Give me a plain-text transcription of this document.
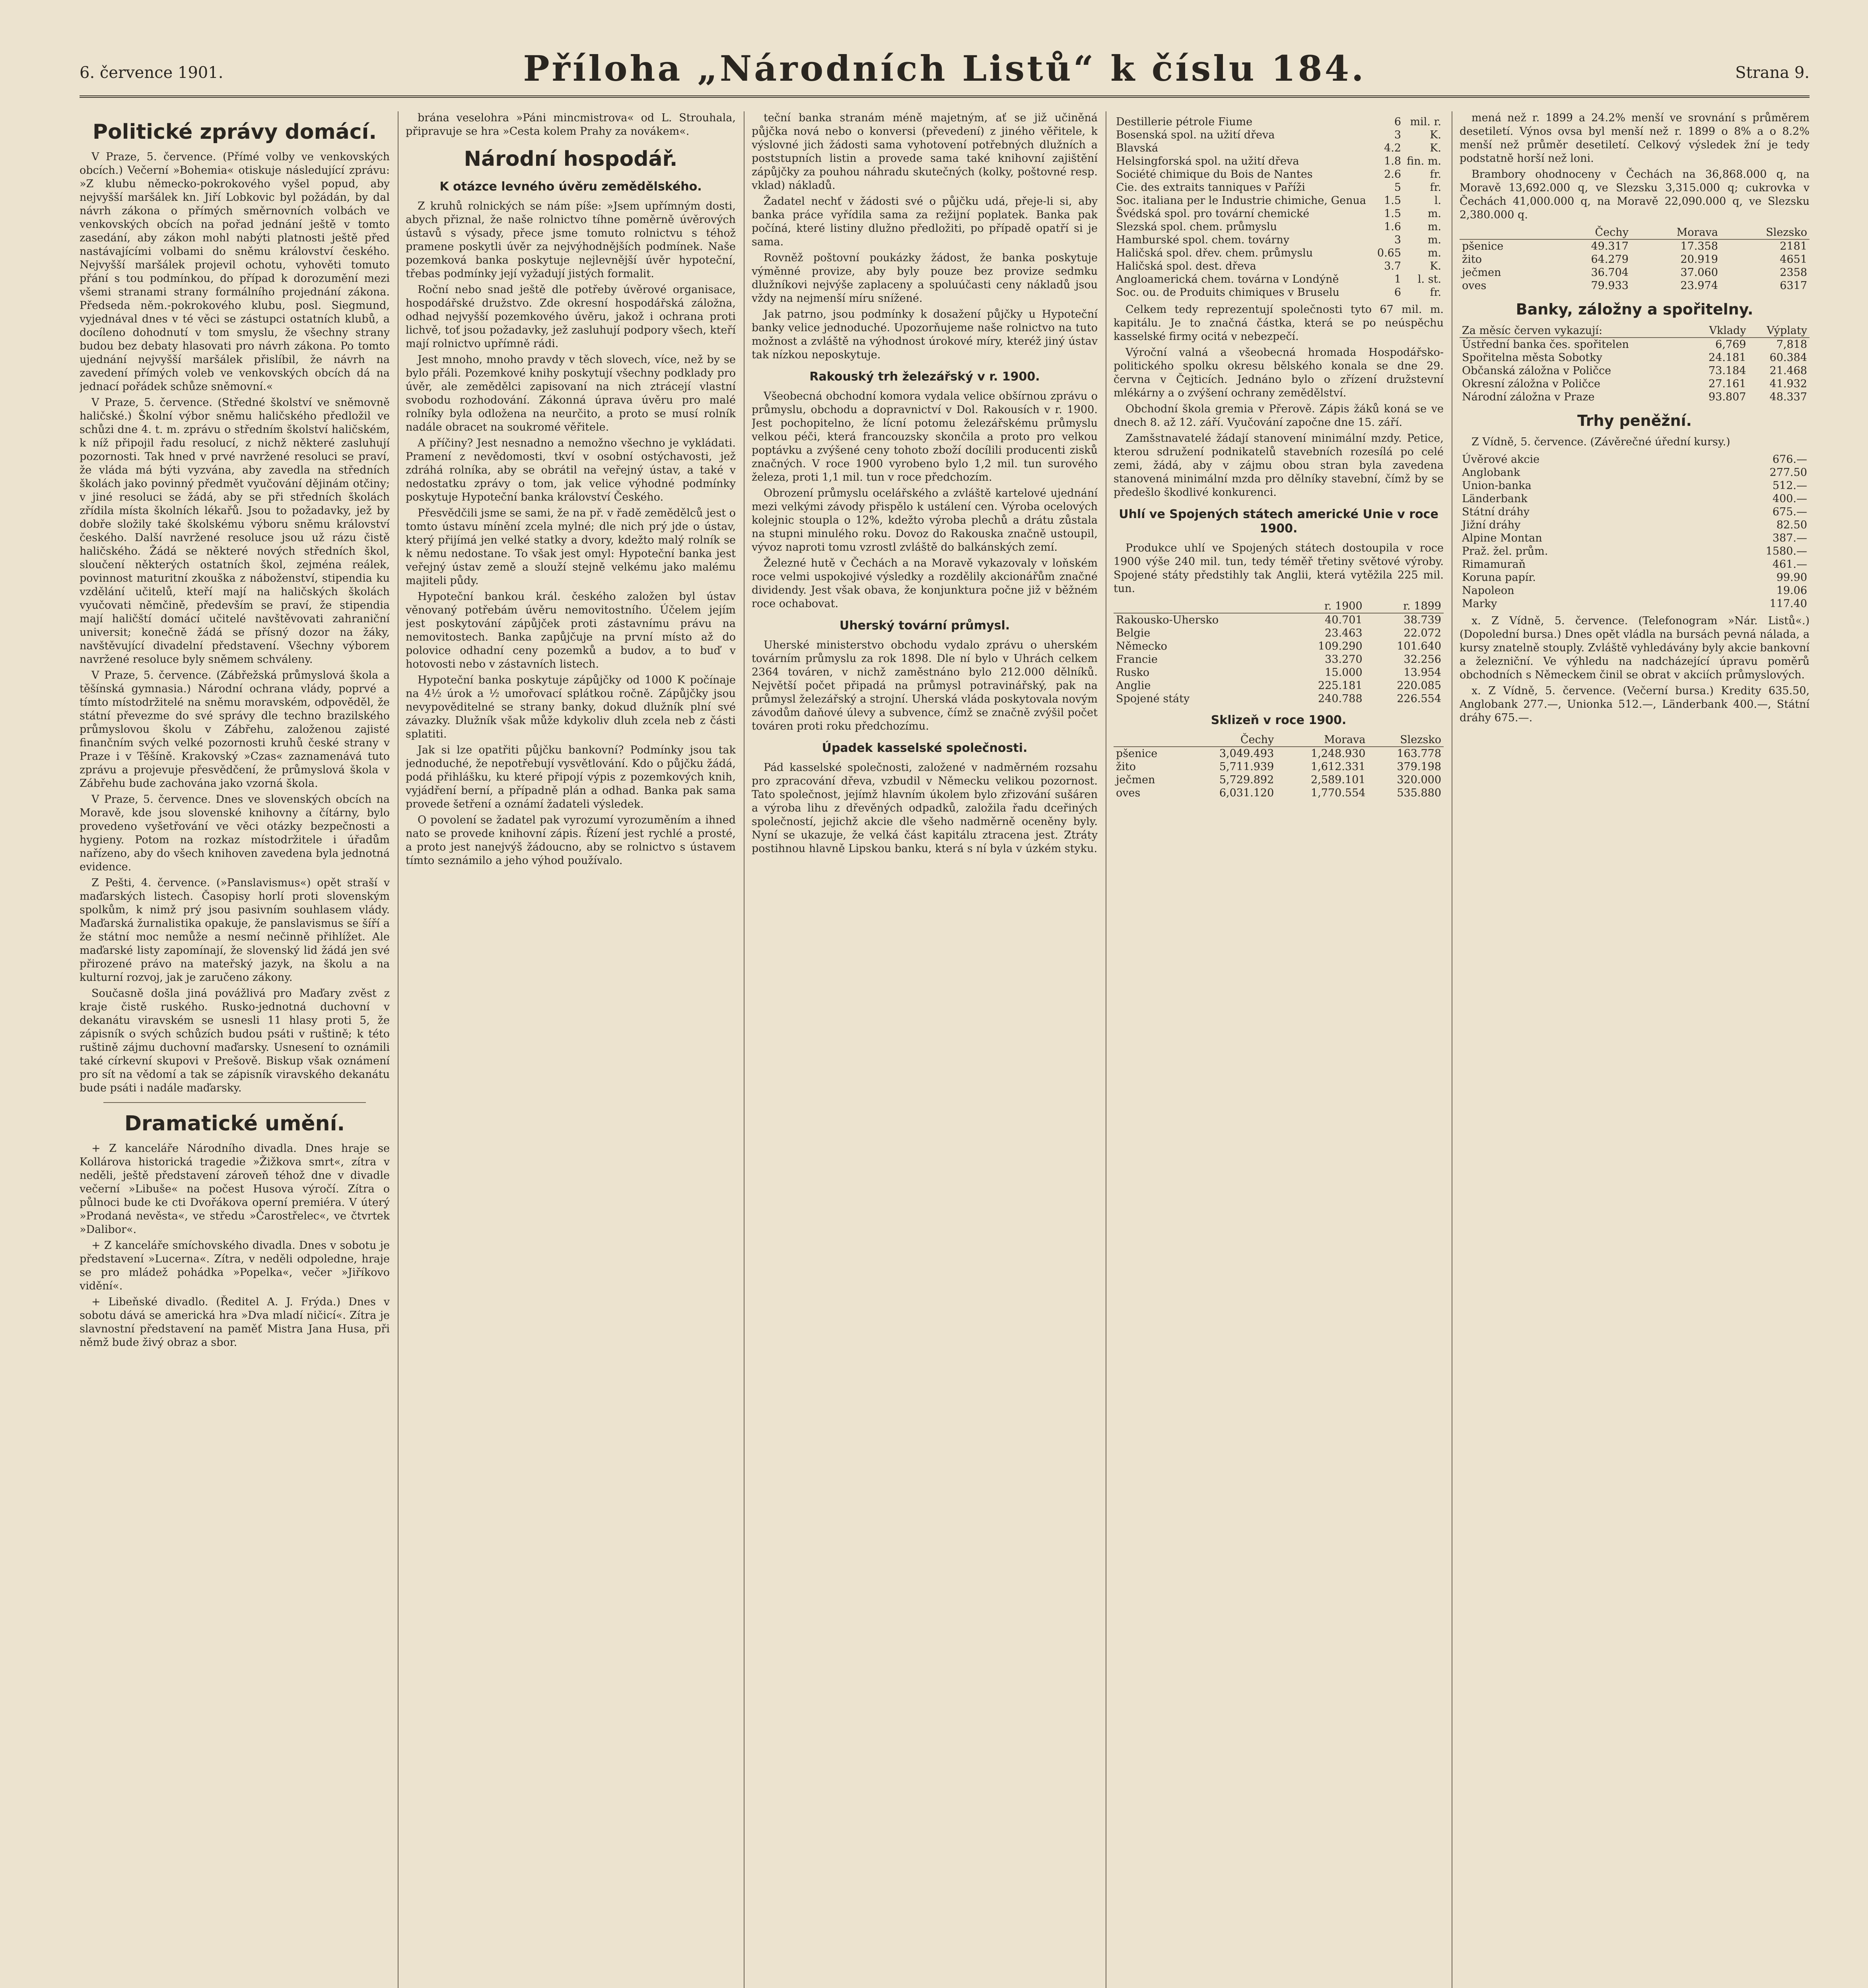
6. července 1901.	Příloha „Národních Listů“ k číslu 184.	Strana 9.
Politické zprávy domácí.

V Praze, 5. července. (Přímé volby ve venkovských obcích.) Večerní »Bohemia« otiskuje následující zprávu: »Z klubu německo-pokrokového vyšel popud, aby nejvyšší maršálek kn. Jiří Lobkovic byl požádán, by dal návrh zákona o přímých směrnovních volbách ve venkovských obcích na pořad jednání ještě v tomto zasedání, aby zákon mohl nabýti platnosti ještě před nastávajícími volbami do sněmu království českého. Nejvyšší maršálek projevil ochotu, vyhověti tomuto přání s tou podmínkou, do případ k dorozumění mezi všemi stranami strany formálního projednání zákona. Předseda něm.-pokrokového klubu, posl. Siegmund, vyjednával dnes v té věci se zástupci ostatních klubů, a docíleno dohodnutí v tom smyslu, že všechny strany budou bez debaty hlasovati pro návrh zákona. Po tomto ujednání nejvyšší maršálek přislíbil, že návrh na zavedení přímých voleb ve venkovských obcích dá na jednací pořádek schůze sněmovní.«

V Praze, 5. července. (Středné školství ve sněmovně haličské.) Školní výbor sněmu haličského předložil ve schůzi dne 4. t. m. zprávu o středním školství haličském, k níž připojil řadu resolucí, z nichž některé zasluhují pozornosti. Tak hned v prvé navržené resoluci se praví, že vláda má býti vyzvána, aby zavedla na středních školách jako povinný předmět vyučování dějinám otčiny; v jiné resoluci se žádá, aby se při středních školách zřídila místa školních lékařů. Jsou to požadavky, jež by dobře složily také školskému výboru sněmu království českého. Další navržené resoluce jsou už rázu čistě haličského. Žádá se některé nových středních škol, sloučení některých ostatních škol, zejména reálek, povinnost maturitní zkouška z náboženství, stipendia ku vzdělání učitelů, kteří mají na haličských školách vyučovati němčině, především se praví, že stipendia mají haličští domácí učitelé navštěvovati zahraniční universit; konečně žádá se přísný dozor na žáky, navštěvující divadelní představení. Všechny výborem navržené resoluce byly sněmem schváleny.

V Praze, 5. července. (Zábřežská průmyslová škola a těšínská gymnasia.) Národní ochrana vlády, poprvé a tímto místodržitelé na sněmu moravském, odpověděl, že státní převezme do své správy dle techno brazilského průmyslovou školu v Zábřehu, založenou zajisté finančním svých velké pozornosti kruhů české strany v Praze i v Těšíně. Krakovský »Czas« zaznamenává tuto zprávu a projevuje přesvědčení, že průmyslová škola v Zábřehu bude zachována jako vzorná škola.

V Praze, 5. července. Dnes ve slovenských obcích na Moravě, kde jsou slovenské knihovny a čítárny, bylo provedeno vyšetřování ve věci otázky bezpečnosti a hygieny. Potom na rozkaz místodržitele i úřadům nařízeno, aby do všech knihoven zavedena byla jednotná evidence.

Z Pešti, 4. července. (»Panslavismus«) opět straší v maďarských listech. Časopisy horlí proti slovenským spolkům, k nimž prý jsou pasivním souhlasem vlády. Maďarská žurnalistika opakuje, že panslavismus se šíří a že státní moc nemůže a nesmí nečinně přihlížet. Ale maďarské listy zapomínají, že slovenský lid žádá jen své přirozené právo na mateřský jazyk, na školu a na kulturní rozvoj, jak je zaručeno zákony.

Současně došla jiná povážlivá pro Maďary zvěst z kraje čistě ruského. Rusko-jednotná duchovní v dekanátu viravském se usnesli 11 hlasy proti 5, že zápisník o svých schůzích budou psáti v ruštině; k této ruštině zájmu duchovní maďarsky. Usnesení to oznámili také církevní skupovi v Prešově. Biskup však oznámení pro sít na vědomí a tak se zápisník viravského dekanátu bude psáti i nadále maďarsky.

Dramatické umění.

+ Z kanceláře Národního divadla. Dnes hraje se Kollárova historická tragedie »Žižkova smrt«, zítra v neděli, ještě představení zároveň téhož dne v divadle večerní »Libuše« na počest Husova výročí. Zítra o půlnoci bude ke cti Dvořákova operní premiéra. V úterý »Prodaná nevěsta«, ve středu »Čarostřelec«, ve čtvrtek »Dalibor«.

+ Z kanceláře smíchovského divadla. Dnes v sobotu je představení »Lucerna«. Zítra, v neděli odpoledne, hraje se pro mládež pohádka »Popelka«, večer »Jiříkovo vidění«.

+ Libeňské divadlo. (Ředitel A. J. Frýda.) Dnes v sobotu dává se americká hra »Dva mladí ničicí«. Zítra je slavnostní představení na paměť Mistra Jana Husa, při němž bude živý obraz a sbor.

brána veselohra »Páni mincmistrova« od L. Strouhala, připravuje se hra »Cesta kolem Prahy za novákem«.

Národní hospodář.
K otázce levného úvěru zemědělského.

Z kruhů rolnických se nám píše: »Jsem upřímným dosti, abych přiznal, že naše rolnictvo tíhne poměrně úvěrových ústavů s výsady, přece jsme tomuto rolnictvu s téhož pramene poskytli úvěr za nejvýhodnějších podmínek. Naše pozemková banka poskytuje nejlevnější úvěr hypoteční, třebas podmínky její vyžadují jistých formalit.

Roční nebo snad ještě dle potřeby úvěrové organisace, hospodářské družstvo. Zde okresní hospodářská záložna, odhad nejvyšší pozemkového úvěru, jakož i ochrana proti lichvě, toť jsou požadavky, jež zasluhují podpory všech, kteří mají rolnictvo upřímně rádi.

Jest mnoho, mnoho pravdy v těch slovech, více, než by se bylo přáli. Pozemkové knihy poskytují všechny podklady pro úvěr, ale zemědělci zapisovaní na nich ztrácejí vlastní svobodu rozhodování. Zákonná úprava úvěru pro malé rolníky byla odložena na neurčito, a proto se musí rolník nadále obracet na soukromé věřitele.

A příčiny? Jest nesnadno a nemožno všechno je vykládati. Pramení z nevědomosti, tkví v osobní ostýchavosti, jež zdráhá rolníka, aby se obrátil na veřejný ústav, a také v nedostatku zprávy o tom, jak velice výhodné podmínky poskytuje Hypoteční banka království Českého.

Přesvědčili jsme se sami, že na př. v řadě zemědělců jest o tomto ústavu mínění zcela mylné; dle nich prý jde o ústav, který přijímá jen velké statky a dvory, kdežto malý rolník se k němu nedostane. To však jest omyl: Hypoteční banka jest veřejný ústav země a slouží stejně velkému jako malému majiteli půdy.

Hypoteční bankou král. českého založen byl ústav věnovaný potřebám úvěru nemovitostního. Účelem jejím jest poskytování zápůjček proti zástavnímu právu na nemovitostech. Banka zapůjčuje na první místo až do polovice odhadní ceny pozemků a budov, a to buď v hotovosti nebo v zástavních listech.

Hypoteční banka poskytuje zápůjčky od 1000 K počínaje na 4½ úrok a ½ umořovací splátkou ročně. Zápůjčky jsou nevypověditelné se strany banky, dokud dlužník plní své závazky. Dlužník však může kdykoliv dluh zcela neb z části splatiti.

Jak si lze opatřiti půjčku bankovní? Podmínky jsou tak jednoduché, že nepotřebují vysvětlování. Kdo o půjčku žádá, podá přihlášku, ku které připojí výpis z pozemkových knih, vyjádření berní, a případně plán a odhad. Banka pak sama provede šetření a oznámí žadateli výsledek.

O povolení se žadatel pak vyrozumí vyrozuměním a ihned nato se provede knihovní zápis. Řízení jest rychlé a prosté, a proto jest nanejvýš žádoucno, aby se rolnictvo s ústavem tímto seznámilo a jeho výhod používalo.

teční banka stranám méně majetným, ať se již učiněná půjčka nová nebo o konversi (převedení) z jiného věřitele, k výslovné jich žádosti sama vyhotovení potřebných dlužních a poststupních listin a provede sama také knihovní zajištění zápůjčky za pouhou náhradu skutečných (kolky, poštovné resp. vklad) nákladů.

Žadatel nechť v žádosti své o půjčku udá, přeje-li si, aby banka práce vyřídila sama za režijní poplatek. Banka pak počíná, které listiny dlužno předložiti, po případě opatří si je sama.

Rovněž poštovní poukázky žádost, že banka poskytuje výměnné provize, aby byly pouze bez provize sedmku dlužníkovi nejvýše zaplaceny a spoluúčasti ceny nákladů jsou vždy na nejmenší míru snížené.

Jak patrno, jsou podmínky k dosažení půjčky u Hypoteční banky velice jednoduché. Upozorňujeme naše rolnictvo na tuto možnost a zvláště na výhodnost úrokové míry, kteréž jiný ústav tak nízkou neposkytuje.

Rakouský trh železářský v r. 1900.

Všeobecná obchodní komora vydala velice obšírnou zprávu o průmyslu, obchodu a dopravnictví v Dol. Rakousích v r. 1900. Jest pochopitelno, že lícní potomu železářskému průmyslu velkou péči, která francouzsky skončila a proto pro velkou poptávku a zvýšené ceny tohoto zboží docílili producenti zisků značných. V roce 1900 vyrobeno bylo 1,2 mil. tun surového železa, proti 1,1 mil. tun v roce předchozím.

Obrození průmyslu ocelářského a zvláště kartelové ujednání mezi velkými závody přispělo k ustálení cen. Výroba ocelových kolejnic stoupla o 12%, kdežto výroba plechů a drátu zůstala na stupni minulého roku. Dovoz do Rakouska značně ustoupil, vývoz naproti tomu vzrostl zvláště do balkánských zemí.

Železné hutě v Čechách a na Moravě vykazovaly v loňském roce velmi uspokojivé výsledky a rozdělily akcionářům značné dividendy. Jest však obava, že konjunktura počne již v běžném roce ochabovat.

Uherský tovární průmysl.

Uherské ministerstvo obchodu vydalo zprávu o uherském továrním průmyslu za rok 1898. Dle ní bylo v Uhrách celkem 2364 továren, v nichž zaměstnáno bylo 212.000 dělníků. Největší počet připadá na průmysl potravinářský, pak na průmysl železářský a strojní. Uherská vláda poskytovala novým závodům daňové úlevy a subvence, čímž se značně zvýšil počet továren proti roku předchozímu.

Úpadek kasselské společnosti.

Pád kasselské společnosti, založené v nadměrném rozsahu pro zpracování dřeva, vzbudil v Německu velikou pozornost. Tato společnost, jejímž hlavním úkolem bylo zřizování sušáren a výroba lihu z dřevěných odpadků, založila řadu dceřiných společností, jejichž akcie dle všeho nadměrně oceněny byly. Nyní se ukazuje, že velká část kapitálu ztracena jest. Ztráty postihnou hlavně Lipskou banku, která s ní byla v úzkém styku.

Destillerie pétrole Fiume	6	mil. r.
Bosenská spol. na užití dřeva	3	K.
Blavská	4.2	K.
Helsingforská spol. na užití dřeva	1.8	fin. m.
Société chimique du Bois de Nantes	2.6	fr.
Cie. des extraits tanniques v Paříži	5	fr.
Soc. italiana per le Industrie chimiche, Genua	1.5	l.
Švédská spol. pro tovární chemické	1.5	m.
Slezská spol. chem. průmyslu	1.6	m.
Hamburské spol. chem. továrny	3	m.
Haličská spol. dřev. chem. průmyslu	0.65	m.
Haličská spol. dest. dřeva	3.7	K.
Angloamerická chem. továrna v Londýně	1	l. st.
Soc. ou. de Produits chimiques v Bruselu	6	fr.

Celkem tedy reprezentují společnosti tyto 67 mil. m. kapitálu. Je to značná částka, která se po neúspěchu kasselské firmy ocitá v nebezpečí.

Výroční valná a všeobecná hromada Hospodářsko-politického spolku okresu bělského konala se dne 29. června v Čejticích. Jednáno bylo o zřízení družstevní mlékárny a o zvýšení ochrany zemědělství.

Obchodní škola gremia v Přerově. Zápis žáků koná se ve dnech 8. až 12. září. Vyučování započne dne 15. září.

Zamšstnavatelé žádají stanovení minimální mzdy. Petice, kterou sdružení podnikatelů stavebních rozesílá po celé zemi, žádá, aby v zájmu obou stran byla zavedena stanovená minimální mzda pro dělníky stavební, čímž by se předešlo škodlivé konkurenci.

Uhlí ve Spojených státech americké Unie v roce 1900.

Produkce uhlí ve Spojených státech dostoupila v roce 1900 výše 240 mil. tun, tedy téměř třetiny světové výroby. Spojené státy předstihly tak Anglii, která vytěžila 225 mil. tun.

	r. 1900	r. 1899
Rakousko-Uhersko	40.701	38.739
Belgie	23.463	22.072
Německo	109.290	101.640
Francie	33.270	32.256
Rusko	15.000	13.954
Anglie	225.181	220.085
Spojené státy	240.788	226.554
Sklizeň v roce 1900.
	Čechy	Morava	Slezsko
pšenice	3,049.493	1,248.930	163.778
žito	5,711.939	1,612.331	379.198
ječmen	5,729.892	2,589.101	320.000
oves	6,031.120	1,770.554	535.880

mená než r. 1899 a 24.2% menší ve srovnání s průměrem desetiletí. Výnos ovsa byl menší než r. 1899 o 8% a o 8.2% menší než průměr desetiletí. Celkový výsledek žní je tedy podstatně horší než loni.

Brambory ohodnoceny v Čechách na 36,868.000 q, na Moravě 13,692.000 q, ve Slezsku 3,315.000 q; cukrovka v Čechách 41,000.000 q, na Moravě 22,090.000 q, ve Slezsku 2,380.000 q.

	Čechy	Morava	Slezsko
pšenice	49.317	17.358	2181
žito	64.279	20.919	4651
ječmen	36.704	37.060	2358
oves	79.933	23.974	6317
Banky, záložny a spořitelny.
Za měsíc červen vykazují:	Vklady	Výplaty
Ústřední banka čes. spořitelen	6,769	7,818
Spořitelna města Sobotky	24.181	60.384
Občanská záložna v Poličce	73.184	21.468
Okresní záložna v Poličce	27.161	41.932
Národní záložna v Praze	93.807	48.337
Trhy peněžní.

Z Vídně, 5. července. (Závěrečné úřední kursy.)

Úvěrové akcie	676.—
Anglobank	277.50
Union-banka	512.—
Länderbank	400.—
Státní dráhy	675.—
Jižní dráhy	82.50
Alpine Montan	387.—
Praž. žel. prům.	1580.—
Rimamuraň	461.—
Koruna papír.	99.90
Napoleon	19.06
Marky	117.40

x. Z Vídně, 5. července. (Telefonogram »Nár. Listů«.) (Dopolední bursa.) Dnes opět vládla na bursách pevná nálada, a kursy znatelně stouply. Zvláště vyhledávány byly akcie bankovní a železniční. Ve výhledu na nadcházející úpravu poměrů obchodních s Německem činil se obrat v akciích průmyslových.

x. Z Vídně, 5. července. (Večerní bursa.) Kredity 635.50, Anglobank 277.—, Unionka 512.—, Länderbank 400.—, Státní dráhy 675.—.
